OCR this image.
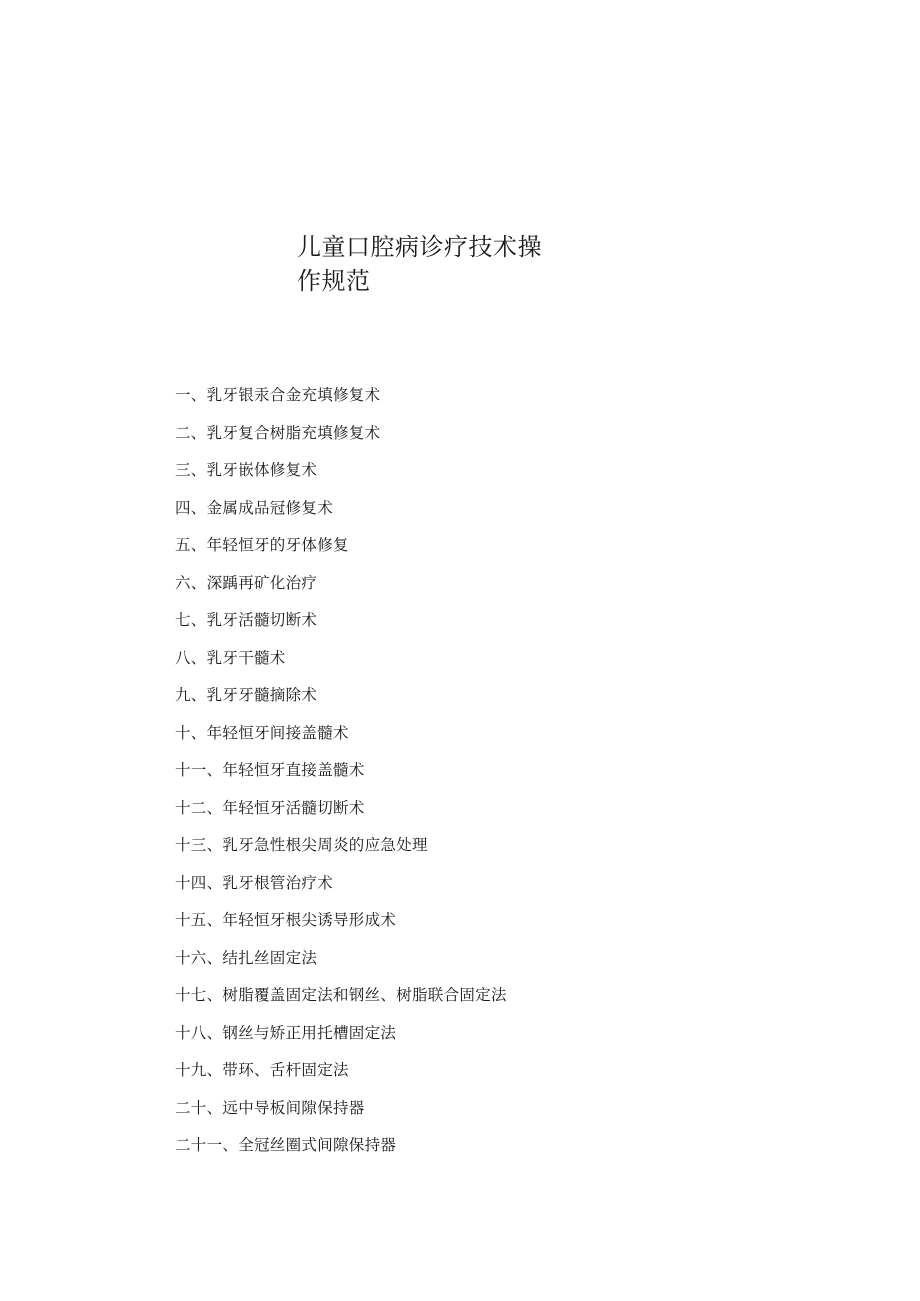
儿童口腔病诊疗技术操
作规范
一、乳牙银汞合金充填修复术
二、乳牙复合树脂充填修复术
三、乳牙嵌体修复术
四、金属成品冠修复术
五、年轻恒牙的牙体修复
六、深踽再矿化治疗
七、乳牙活髓切断术
八、乳牙干髓术
九、乳牙牙髓摘除术
十、年轻恒牙间接盖髓术
十一、年轻恒牙直接盖髓术
十二、年轻恒牙活髓切断术
十三、乳牙急性根尖周炎的应急处理
十四、乳牙根管治疗术
十五、年轻恒牙根尖诱导形成术
十六、结扎丝固定法
十七、树脂覆盖固定法和钢丝、树脂联合固定法
十八、钢丝与矫正用托槽固定法
十九、带环、舌杆固定法
二十、远中导板间隙保持器
二十一、全冠丝圈式间隙保持器
